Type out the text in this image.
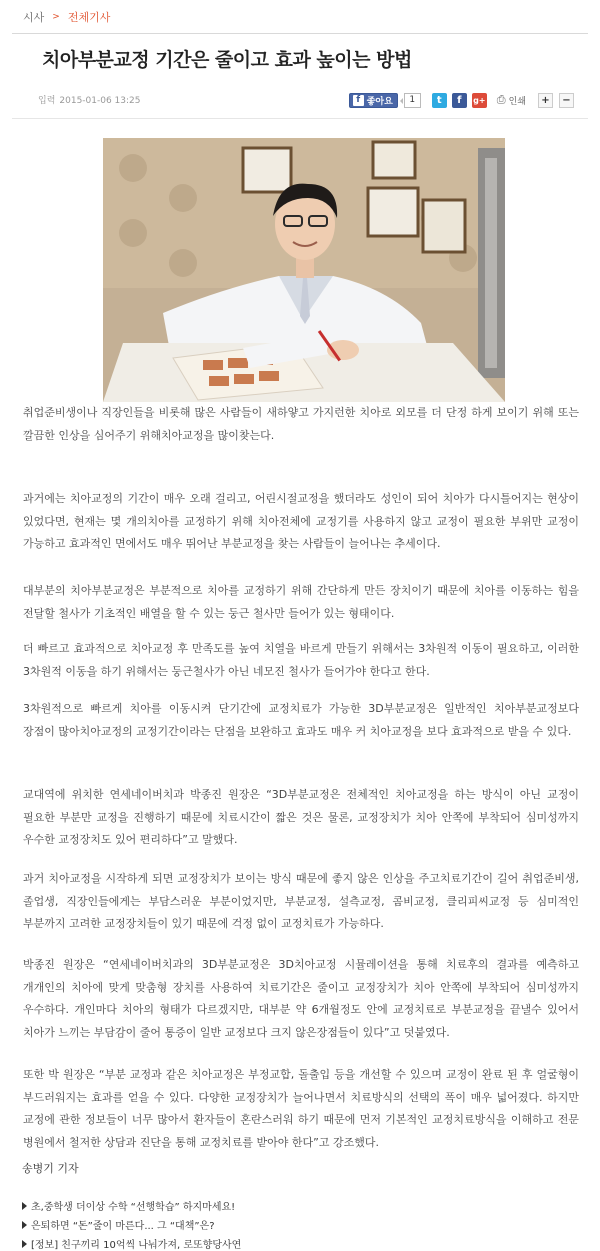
시사 > 전체기사
치아부분교정 기간은 줄이고 효과 높이는 방법
입력 2015-01-06 13:25	f 좋아요	1	t	f	g+ ⎙ 인쇄	+	−

취업준비생이나 직장인들을 비롯해 많은 사람들이 새하얗고 가지런한 치아로 외모를 더 단정 하게 보이기 위해 또는 깔끔한 인상을 심어주기 위해치아교정을 많이찾는다.

과거에는 치아교정의 기간이 매우 오래 걸리고, 어린시절교정을 했더라도 성인이 되어 치아가 다시틀어지는 현상이 있었다면, 현재는 몇 개의치아를 교정하기 위해 치아전체에 교정기를 사용하지 않고 교정이 필요한 부위만 교정이 가능하고 효과적인 면에서도 매우 뛰어난 부분교정을 찾는 사람들이 늘어나는 추세이다.

대부분의 치아부분교정은 부분적으로 치아를 교정하기 위해 간단하게 만든 장치이기 때문에 치아를 이동하는 힘을 전달할 철사가 기초적인 배열을 할 수 있는 둥근 철사만 들어가 있는 형태이다.

더 빠르고 효과적으로 치아교정 후 만족도를 높여 치열을 바르게 만들기 위해서는 3차원적 이동이 필요하고, 이러한 3차원적 이동을 하기 위해서는 둥근철사가 아닌 네모진 철사가 들어가야 한다고 한다.

3차원적으로 빠르게 치아를 이동시켜 단기간에 교정치료가 가능한 3D부분교정은 일반적인 치아부분교정보다 장점이 많아치아교정의 교정기간이라는 단점을 보완하고 효과도 매우 커 치아교정을 보다 효과적으로 받을 수 있다.

교대역에 위치한 연세네이버치과 박종진 원장은 “3D부분교정은 전체적인 치아교정을 하는 방식이 아닌 교정이 필요한 부분만 교정을 진행하기 때문에 치료시간이 짧은 것은 물론, 교정장치가 치아 안쪽에 부착되어 심미성까지 우수한 교정장치도 있어 편리하다”고 말했다.

과거 치아교정을 시작하게 되면 교정장치가 보이는 방식 때문에 좋지 않은 인상을 주고치료기간이 길어 취업준비생, 졸업생, 직장인들에게는 부담스러운 부분이었지만, 부분교정, 설측교정, 콤비교정, 클리피씨교정 등 심미적인 부분까지 고려한 교정장치들이 있기 때문에 걱정 없이 교정치료가 가능하다.

박종진 원장은 “연세네이버치과의 3D부분교정은 3D치아교정 시뮬레이션을 통해 치료후의 결과를 예측하고 개개인의 치아에 맞게 맞춤형 장치를 사용하여 치료기간은 줄이고 교정장치가 치아 안쪽에 부착되어 심미성까지 우수하다. 개인마다 치아의 형태가 다르겠지만, 대부분 약 6개월정도 안에 교정치료로 부분교정을 끝낼수 있어서 치아가 느끼는 부담감이 줄어 통증이 일반 교정보다 크지 않은장점들이 있다”고 덧붙였다.

또한 박 원장은 “부분 교정과 같은 치아교정은 부정교합, 돌출입 등을 개선할 수 있으며 교정이 완료 된 후 얼굴형이 부드러워지는 효과를 얻을 수 있다. 다양한 교정장치가 늘어나면서 치료방식의 선택의 폭이 매우 넓어졌다. 하지만 교정에 관한 정보들이 너무 많아서 환자들이 혼란스러워 하기 때문에 먼저 기본적인 교정치료방식을 이해하고 전문 병원에서 철저한 상담과 진단을 통해 교정치료를 받아야 한다”고 강조했다.

송병기 기자
초,중학생 더이상 수학 “선행학습” 하지마세요!
은퇴하면 “돈”줄이 마른다... 그 “대책”은?
[정보] 친구끼리 10억씩 나눠가져, 로또향당사연
